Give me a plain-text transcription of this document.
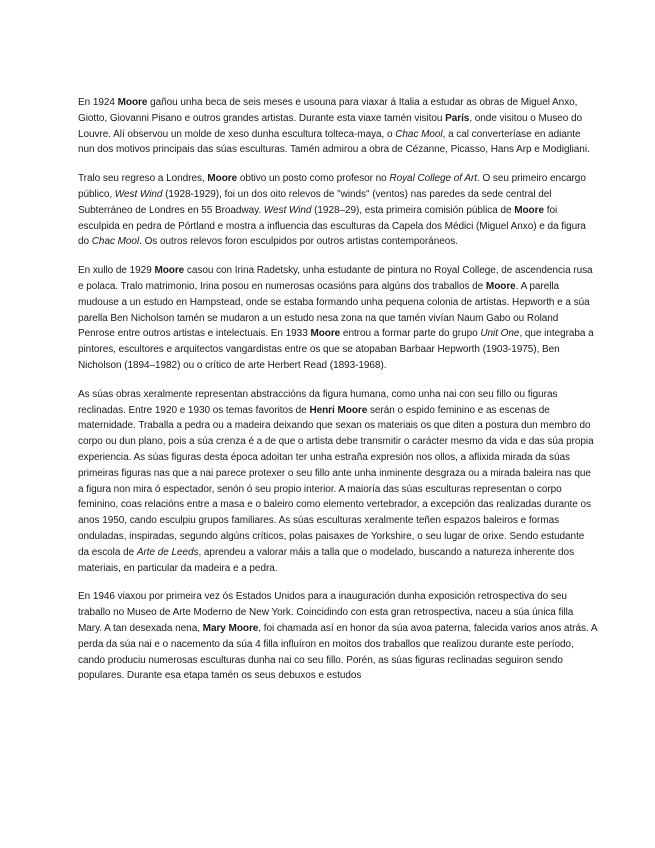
En 1924 Moore gañou unha beca de seis meses e usouna para viaxar á Italia a estudar as obras de Miguel Anxo, Giotto, Giovanni Pisano e outros grandes artistas. Durante esta viaxe tamén visitou París, onde visitou o Museo do Louvre. Alí observou un molde de xeso dunha escultura tolteca-maya, o Chac Mool, a cal converteríase en adiante nun dos motivos principais das súas esculturas. Tamén admirou a obra de Cézanne, Picasso, Hans Arp e Modigliani.

Tralo seu regreso a Londres, Moore obtivo un posto como profesor no Royal College of Art. O seu primeiro encargo público, West Wind (1928-1929), foi un dos oito relevos de "winds" (ventos) nas paredes da sede central del Subterráneo de Londres en 55 Broadway. West Wind (1928–29), esta primeira comisión pública de Moore foi esculpida en pedra de Pórtland e mostra a influencia das esculturas da Capela dos Médici (Miguel Anxo) e da figura do Chac Mool. Os outros relevos foron esculpidos por outros artistas contemporáneos.

En xullo de 1929 Moore casou con Irina Radetsky, unha estudante de pintura no Royal College, de ascendencia rusa e polaca. Tralo matrimonio, Irina posou en numerosas ocasións para algúns dos traballos de Moore. A parella mudouse a un estudo en Hampstead, onde se estaba formando unha pequena colonia de artistas. Hepworth e a súa parella Ben Nicholson tamén se mudaron a un estudo nesa zona na que tamén vivían Naum Gabo ou Roland Penrose entre outros artistas e intelectuais. En 1933 Moore entrou a formar parte do grupo Unit One, que integraba a pintores, escultores e arquitectos vangardistas entre os que se atopaban Barbaar Hepworth (1903-1975), Ben Nicholson (1894–1982) ou o crítico de arte Herbert Read (1893-1968).

As súas obras xeralmente representan abstraccións da figura humana, como unha nai con seu fillo ou figuras reclinadas. Entre 1920 e 1930 os temas favoritos de Henri Moore serán o espido feminino e as escenas de maternidade. Traballa a pedra ou a madeira deixando que sexan os materiais os que diten a postura dun membro do corpo ou dun plano, pois a súa crenza é a de que o artista debe transmitir o carácter mesmo da vida e das súa propia experiencia. As súas figuras desta época adoitan ter unha estraña expresión nos ollos, a aflixida mirada da súas primeiras figuras nas que a nai parece protexer o seu fillo ante unha inminente desgraza ou a mirada baleira nas que a figura non mira ó espectador, senón ó seu propio interior. A maioría das súas esculturas representan o corpo feminino, coas relacións entre a masa e o baleiro como elemento vertebrador, a excepción das realizadas durante os anos 1950, cando esculpiu grupos familiares. As súas esculturas xeralmente teñen espazos baleiros e formas onduladas, inspiradas, segundo algúns críticos, polas paisaxes de Yorkshire, o seu lugar de orixe. Sendo estudante da escola de Arte de Leeds, aprendeu a valorar máis a talla que o modelado, buscando a natureza inherente dos materiais, en particular da madeira e a pedra.

En 1946 viaxou por primeira vez ós Estados Unidos para a inauguración dunha exposición retrospectiva do seu traballo no Museo de Arte Moderno de New York. Coincidindo con esta gran retrospectiva, naceu a súa única filla Mary. A tan desexada nena, Mary Moore, foi chamada así en honor da súa avoa paterna, falecida varios anos atrás. A perda da súa nai e o nacemento da súa 4 filla influíron en moitos dos traballos que realizou durante este período, cando produciu numerosas esculturas dunha nai co seu fillo. Porén, as súas figuras reclinadas seguiron sendo populares. Durante esa etapa tamén os seus debuxos e estudos
